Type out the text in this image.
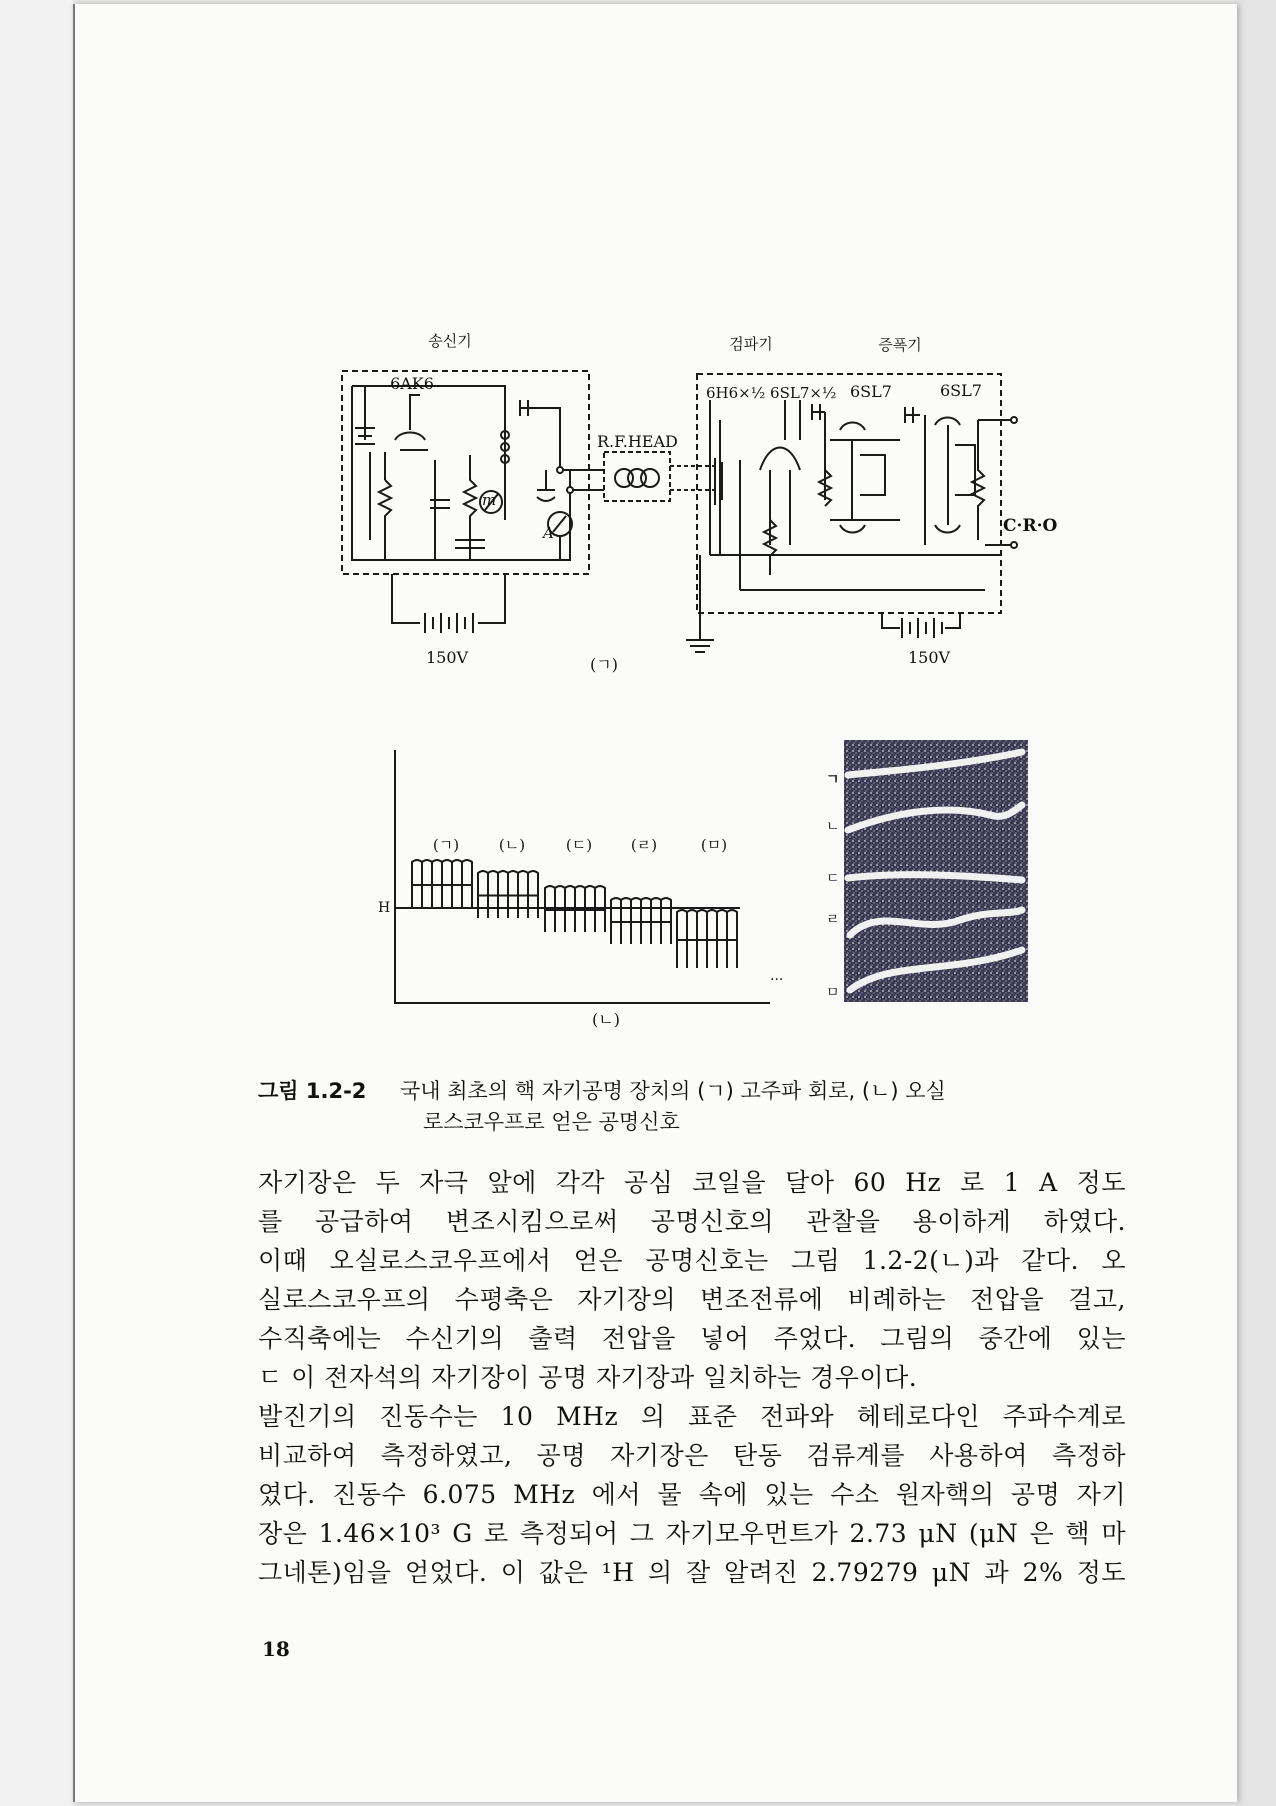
송신기	검파기	증폭기
6AK6	6H6×½ 6SL7×½ 6SL7	6SL7
R.F.HEAD
m
A	C·R·O
150V	150V
(ㄱ)
H
(ㄱ)	(ㄴ)	(ㄷ)	(ㄹ)	(ㅁ)
...
(ㄴ)
ㄱ
ㄴ
ㄷ
ㄹ
ㅁ
그림 1.2-2 국내 최초의 핵 자기공명 장치의 (ㄱ) 고주파 회로, (ㄴ) 오실
로스코우프로 얻은 공명신호
자기장은 두 자극 앞에 각각 공심 코일을 달아 60 Hz 로 1 A 정도
를 공급하여 변조시킴으로써 공명신호의 관찰을 용이하게 하였다.
이때 오실로스코우프에서 얻은 공명신호는 그림 1.2-2(ㄴ)과 같다. 오
실로스코우프의 수평축은 자기장의 변조전류에 비례하는 전압을 걸고,
수직축에는 수신기의 출력 전압을 넣어 주었다. 그림의 중간에 있는
ㄷ 이 전자석의 자기장이 공명 자기장과 일치하는 경우이다.
발진기의 진동수는 10 MHz 의 표준 전파와 헤테로다인 주파수계로
비교하여 측정하였고, 공명 자기장은 탄동 검류계를 사용하여 측정하
였다. 진동수 6.075 MHz 에서 물 속에 있는 수소 원자핵의 공명 자기
장은 1.46×10³ G 로 측정되어 그 자기모우먼트가 2.73 μN (μN 은 핵 마
그네톤)임을 얻었다. 이 값은 ¹H 의 잘 알려진 2.79279 μN 과 2% 정도
18
